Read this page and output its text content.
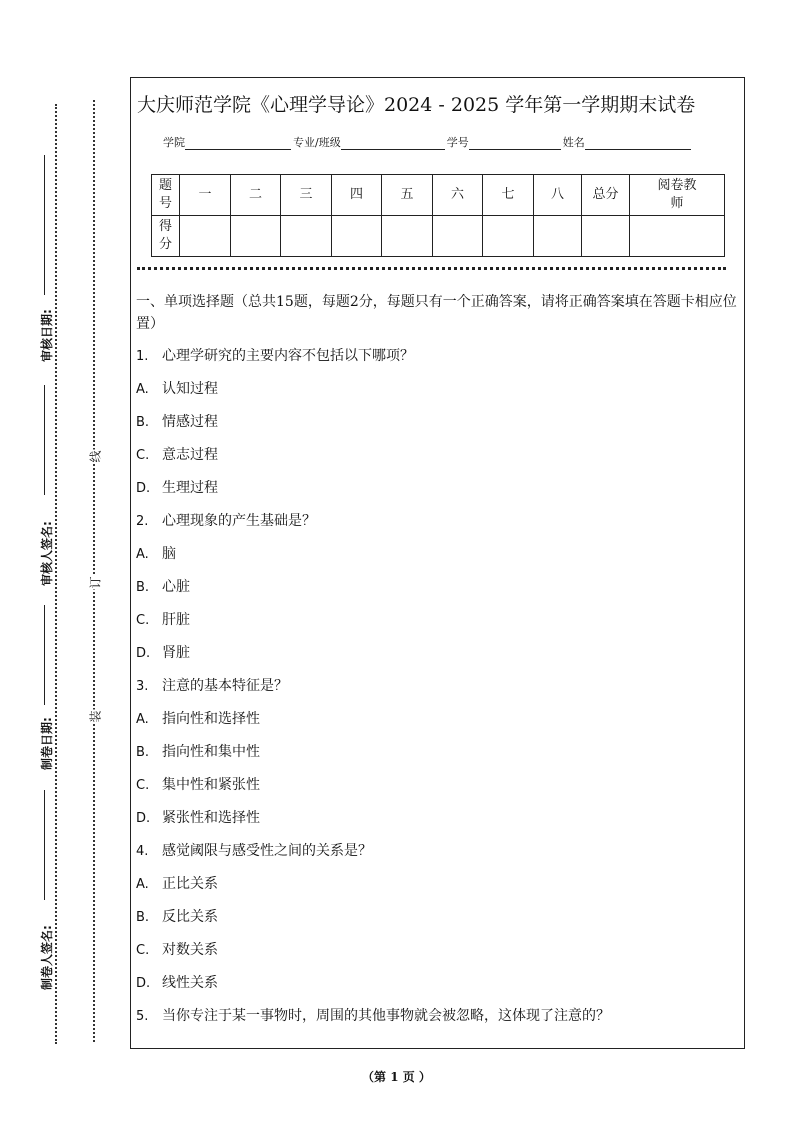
审核日期:
审核人签名:
制卷日期:
制卷人签名:
线
订
装
大庆师范学院《心理学导论》2024 - 2025 学年第一学期期末试卷
学院	专业/班级	学号	姓名
题号	一	二	三	四	五	六	七	八	总分	阅卷教师

得分										

一、单项选择题（总共15题，每题2分，每题只有一个正确答案，请将正确答案填在答题卡相应位置）
1. 心理学研究的主要内容不包括以下哪项？
A. 认知过程
B. 情感过程
C. 意志过程
D. 生理过程
2. 心理现象的产生基础是？
A. 脑
B. 心脏
C. 肝脏
D. 肾脏
3. 注意的基本特征是？
A. 指向性和选择性
B. 指向性和集中性
C. 集中性和紧张性
D. 紧张性和选择性
4. 感觉阈限与感受性之间的关系是？
A. 正比关系
B. 反比关系
C. 对数关系
D. 线性关系
5. 当你专注于某一事物时，周围的其他事物就会被忽略，这体现了注意的？
（第 1 页 ）
